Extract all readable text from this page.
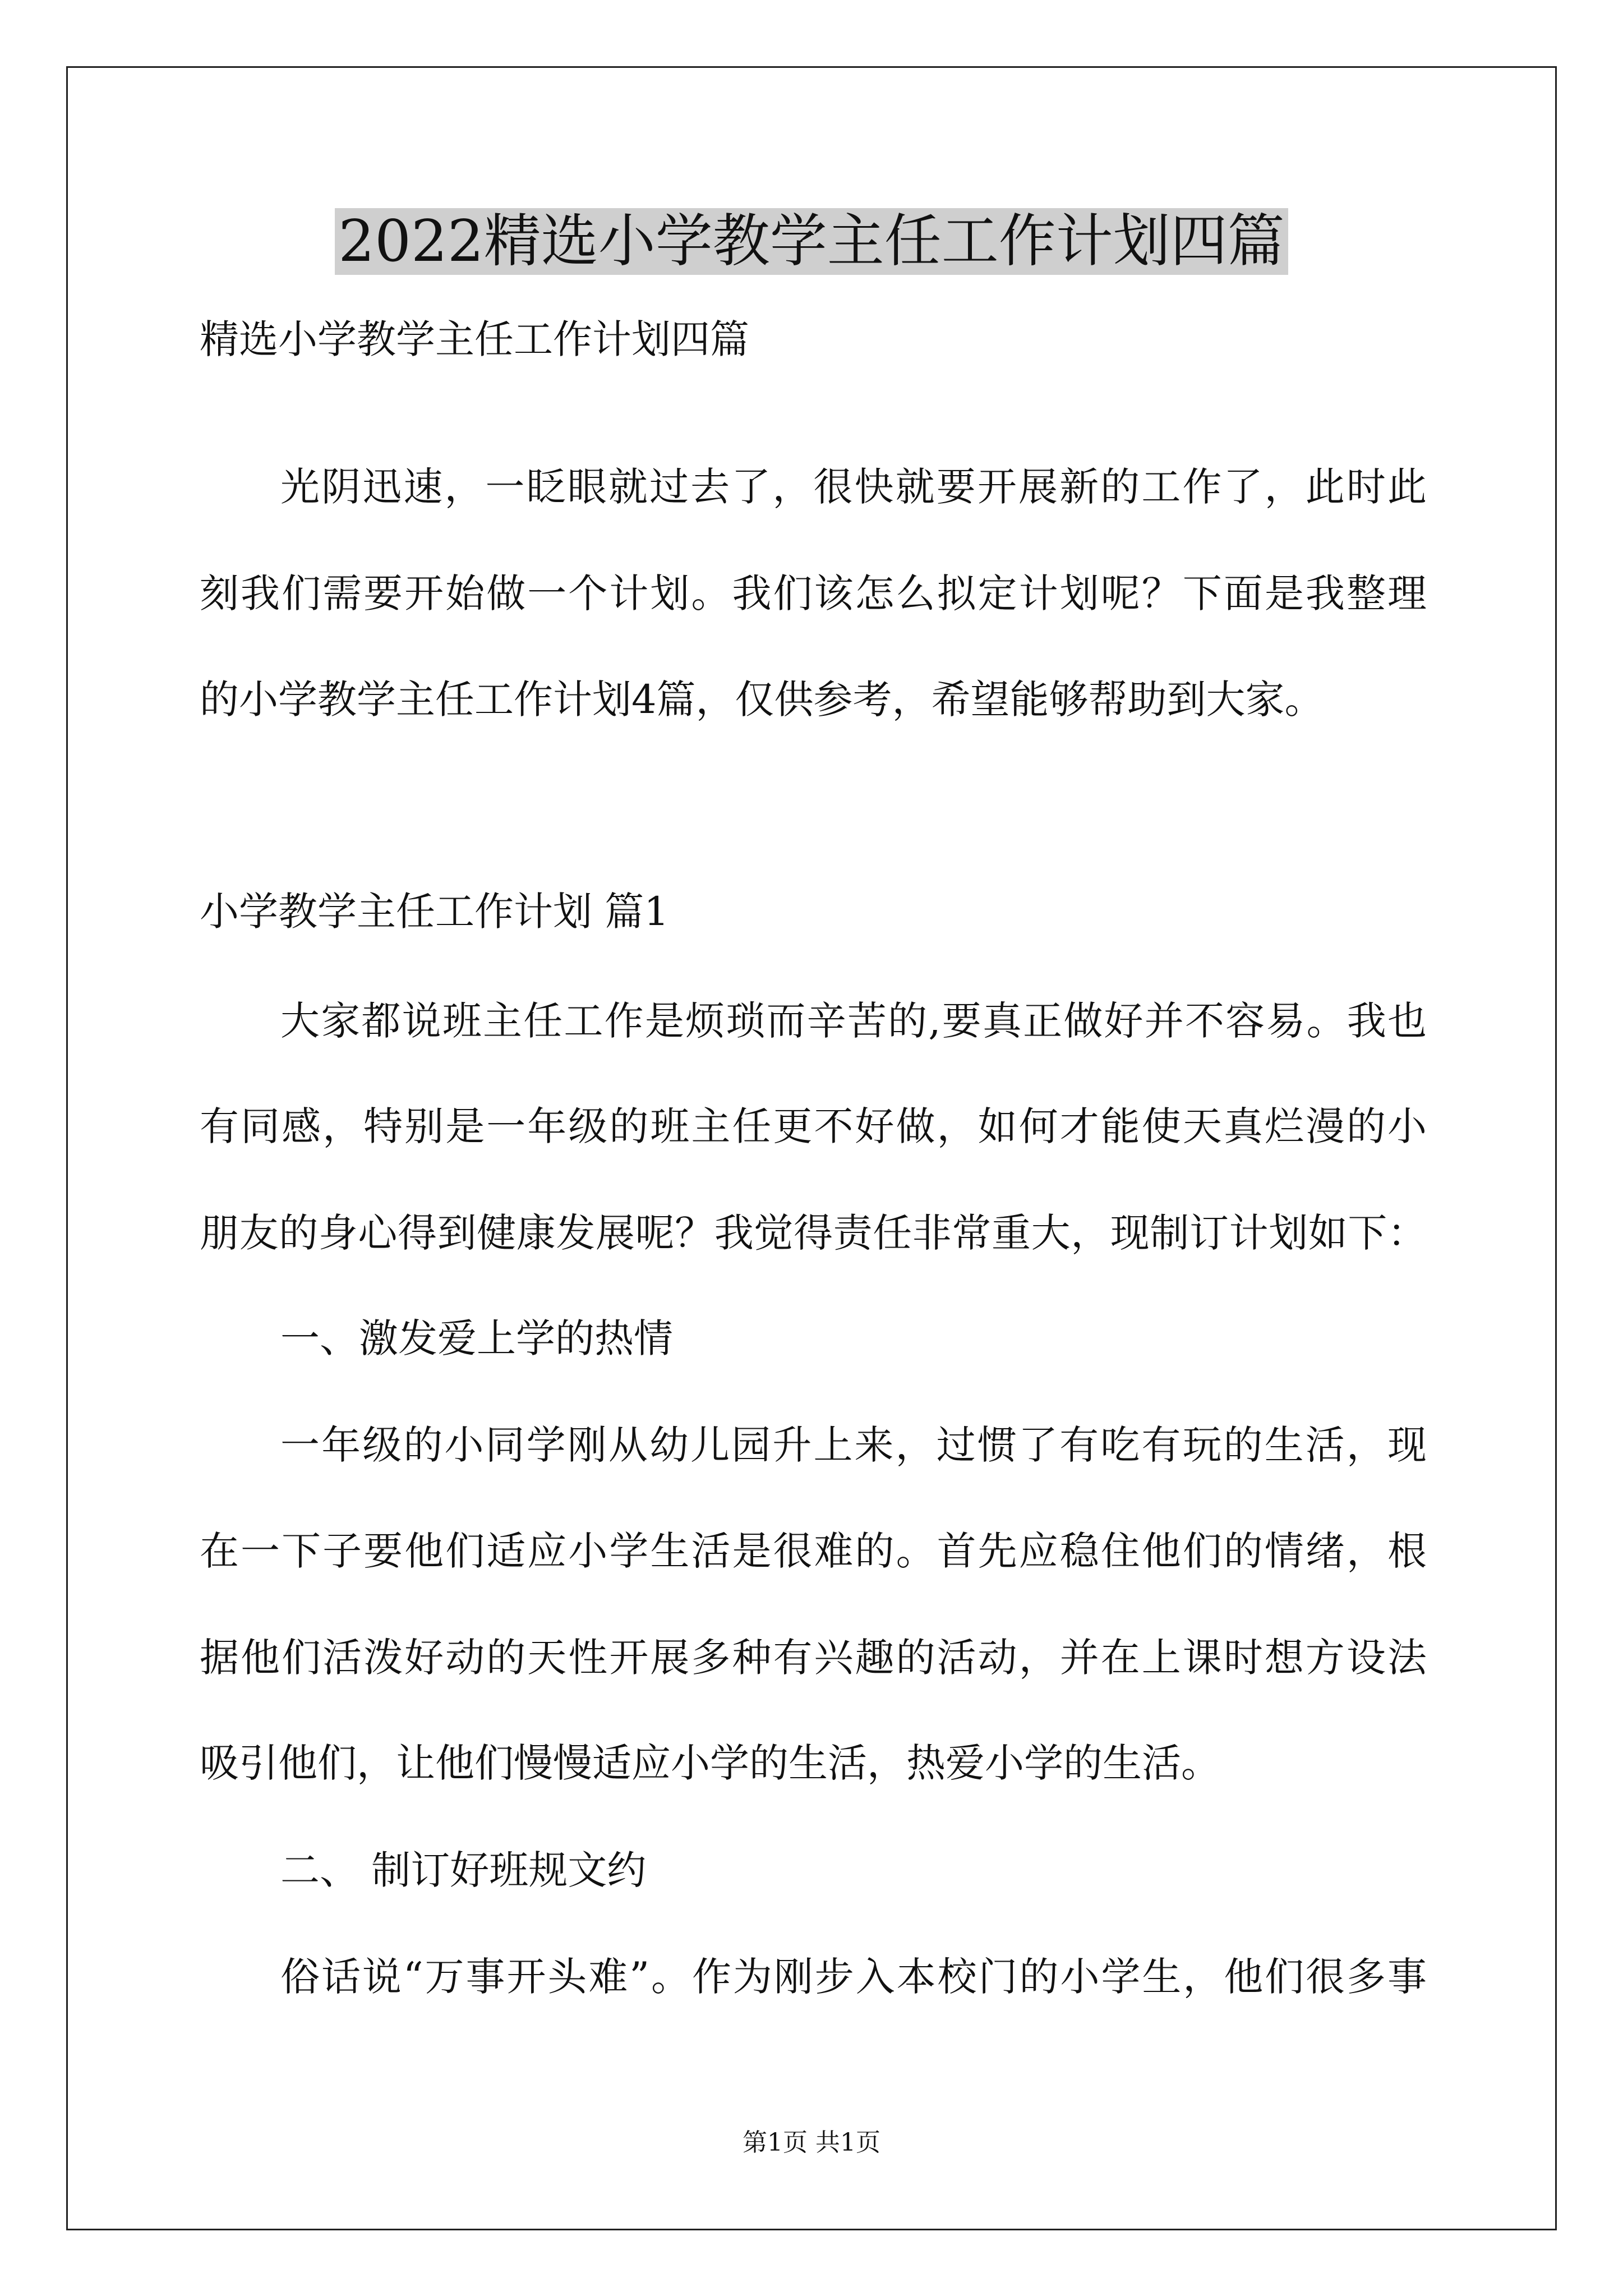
2022精选小学教学主任工作计划四篇

精选小学教学主任工作计划四篇

光阴迅速，一眨眼就过去了，很快就要开展新的工作了，此时此

刻我们需要开始做一个计划。我们该怎么拟定计划呢？下面是我整理

的小学教学主任工作计划4篇，仅供参考，希望能够帮助到大家。

小学教学主任工作计划 篇1

大家都说班主任工作是烦琐而辛苦的,要真正做好并不容易。我也

有同感，特别是一年级的班主任更不好做，如何才能使天真烂漫的小

朋友的身心得到健康发展呢？我觉得责任非常重大，现制订计划如下：

一、激发爱上学的热情

一年级的小同学刚从幼儿园升上来，过惯了有吃有玩的生活，现

在一下子要他们适应小学生活是很难的。首先应稳住他们的情绪，根

据他们活泼好动的天性开展多种有兴趣的活动，并在上课时想方设法

吸引他们，让他们慢慢适应小学的生活，热爱小学的生活。

二、 制订好班规文约

俗话说“万事开头难”。作为刚步入本校门的小学生，他们很多事

第1页 共1页
